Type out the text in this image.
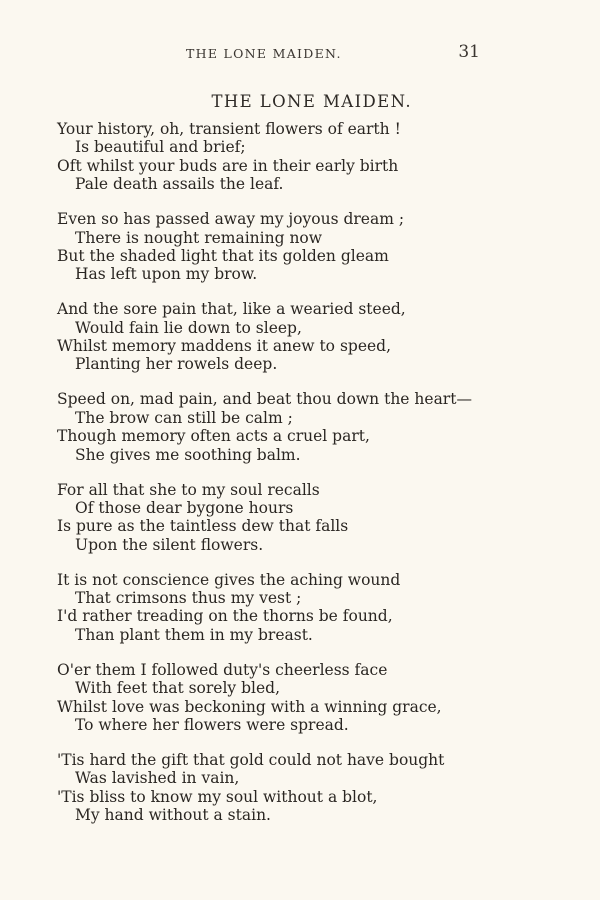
THE LONE MAIDEN.	31
THE LONE MAIDEN.
Your history, oh, transient flowers of earth !
Is beautiful and brief;
Oft whilst your buds are in their early birth
Pale death assails the leaf.
Even so has passed away my joyous dream ;
There is nought remaining now
But the shaded light that its golden gleam
Has left upon my brow.
And the sore pain that, like a wearied steed,
Would fain lie down to sleep,
Whilst memory maddens it anew to speed,
Planting her rowels deep.
Speed on, mad pain, and beat thou down the heart—
The brow can still be calm ;
Though memory often acts a cruel part,
She gives me soothing balm.
For all that she to my soul recalls
Of those dear bygone hours
Is pure as the taintless dew that falls
Upon the silent flowers.
It is not conscience gives the aching wound
That crimsons thus my vest ;
I'd rather treading on the thorns be found,
Than plant them in my breast.
O'er them I followed duty's cheerless face
With feet that sorely bled,
Whilst love was beckoning with a winning grace,
To where her flowers were spread.
'Tis hard the gift that gold could not have bought
Was lavished in vain,
'Tis bliss to know my soul without a blot,
My hand without a stain.
